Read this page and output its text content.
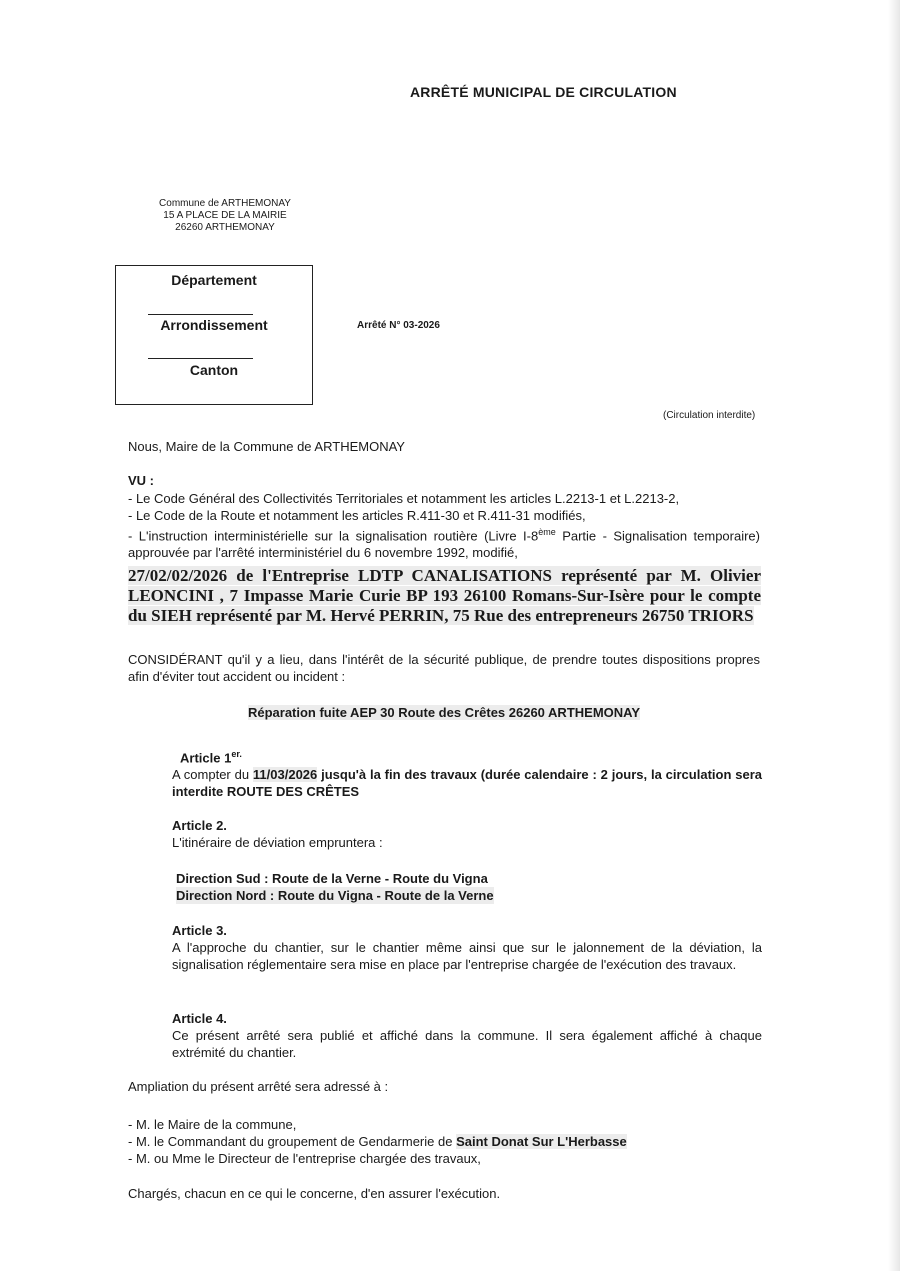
ARRÊTÉ MUNICIPAL DE CIRCULATION
Commune de ARTHEMONAY
15 A PLACE DE LA MAIRIE
26260 ARTHEMONAY
Département
Arrondissement
Canton
Arrêté N° 03-2026
(Circulation interdite)
Nous, Maire de la Commune de ARTHEMONAY
VU :
- Le Code Général des Collectivités Territoriales et notamment les articles L.2213-1 et L.2213-2,
- Le Code de la Route et notamment les articles R.411-30 et R.411-31 modifiés,
- L'instruction interministérielle sur la signalisation routière (Livre I-8ème Partie - Signalisation temporaire) approuvée par l'arrêté interministériel du 6 novembre 1992, modifié,
27/02/02/2026 de l'Entreprise LDTP CANALISATIONS représenté par M. Olivier LEONCINI , 7 Impasse Marie Curie BP 193 26100 Romans-Sur-Isère pour le compte du SIEH représenté par M. Hervé PERRIN, 75 Rue des entrepreneurs 26750 TRIORS
CONSIDÉRANT qu'il y a lieu, dans l'intérêt de la sécurité publique, de prendre toutes dispositions propres afin d'éviter tout accident ou incident :
Réparation fuite AEP 30 Route des Crêtes 26260 ARTHEMONAY
Article $1^{er.}$
A compter du 11/03/2026 jusqu'à la fin des travaux (durée calendaire : 2 jours, la circulation sera interdite ROUTE DES CRÊTES
Article 2.
L'itinéraire de déviation empruntera :
Direction Sud : Route de la Verne - Route du Vigna
Direction Nord : Route du Vigna - Route de la Verne
Article 3.
A l'approche du chantier, sur le chantier même ainsi que sur le jalonnement de la déviation, la signalisation réglementaire sera mise en place par l'entreprise chargée de l'exécution des travaux.
Article 4.
Ce présent arrêté sera publié et affiché dans la commune. Il sera également affiché à chaque extrémité du chantier.
Ampliation du présent arrêté sera adressé à :
- M. le Maire de la commune,
- M. le Commandant du groupement de Gendarmerie de Saint Donat Sur L'Herbasse
- M. ou Mme le Directeur de l'entreprise chargée des travaux,
Chargés, chacun en ce qui le concerne, d'en assurer l'exécution.
